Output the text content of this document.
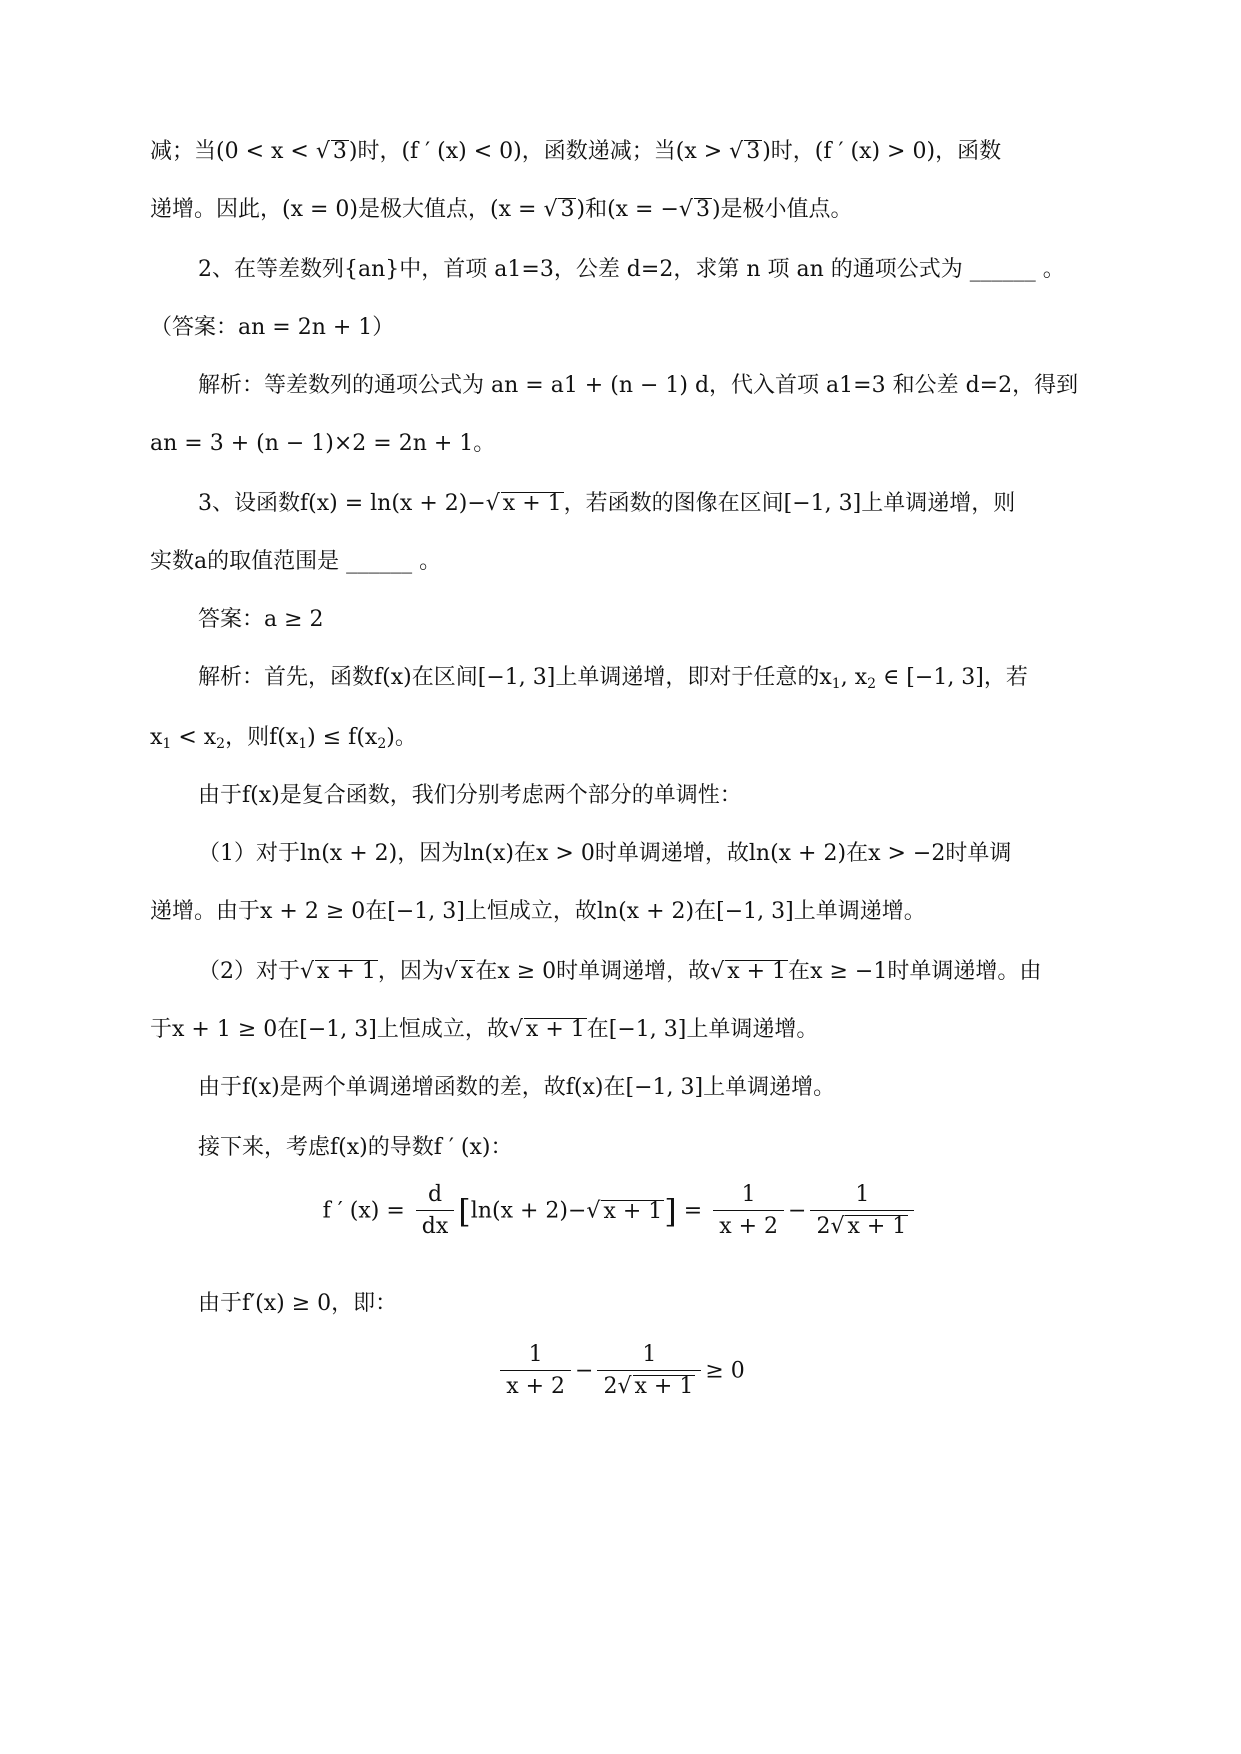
减；当(0 < x < √ 3)时，(f ′ (x) < 0)，函数递减；当(x > √ 3)时，(f ′ (x) > 0)，函数
递增。因此，(x = 0)是极大值点，(x = √ 3)和(x = −√ 3)是极小值点。
2、在等差数列{an}中，首项 a1=3，公差 d=2，求第 n 项 an 的通项公式为 ______ 。
（答案：an = 2n + 1）
解析：等差数列的通项公式为 an = a1 + (n − 1) d，代入首项 a1=3 和公差 d=2，得到
an = 3 + (n − 1)×2 = 2n + 1。
3、设函数f(x) = ln(x + 2)−√ x + 1，若函数的图像在区间[−1, 3]上单调递增，则
实数a的取值范围是 ______ 。
答案：a ≥ 2
解析：首先，函数f(x)在区间[−1, 3]上单调递增，即对于任意的$x_1$, $x_2$ ∈ [−1, 3]，若
$x_1 < x_2$，则$f(x_1) \le f(x_2)$。
由于f(x)是复合函数，我们分别考虑两个部分的单调性：
（1）对于ln(x + 2)，因为ln(x)在x > 0时单调递增，故ln(x + 2)在x > −2时单调
递增。由于x + 2 ≥ 0在[−1, 3]上恒成立，故ln(x + 2)在[−1, 3]上单调递增。
（2）对于√ x + 1，因为√ x在x ≥ 0时单调递增，故√ x + 1在x ≥ −1时单调递增。由
于x + 1 ≥ 0在[−1, 3]上恒成立，故√ x + 1在[−1, 3]上单调递增。
由于f(x)是两个单调递增函数的差，故f(x)在[−1, 3]上单调递增。
接下来，考虑f(x)的导数f ′ (x)：
f ′ $(x) = \frac{d}{dx} [\ln(x + 2)-√$ $x + 1] = \frac{1}{x + 2} - \frac{1}{2√ x + 1}$
由于f′(x) ≥ 0，即：
$\frac{1}{x + 2} - \frac{1}{2√ x + 1} \ge 0$
